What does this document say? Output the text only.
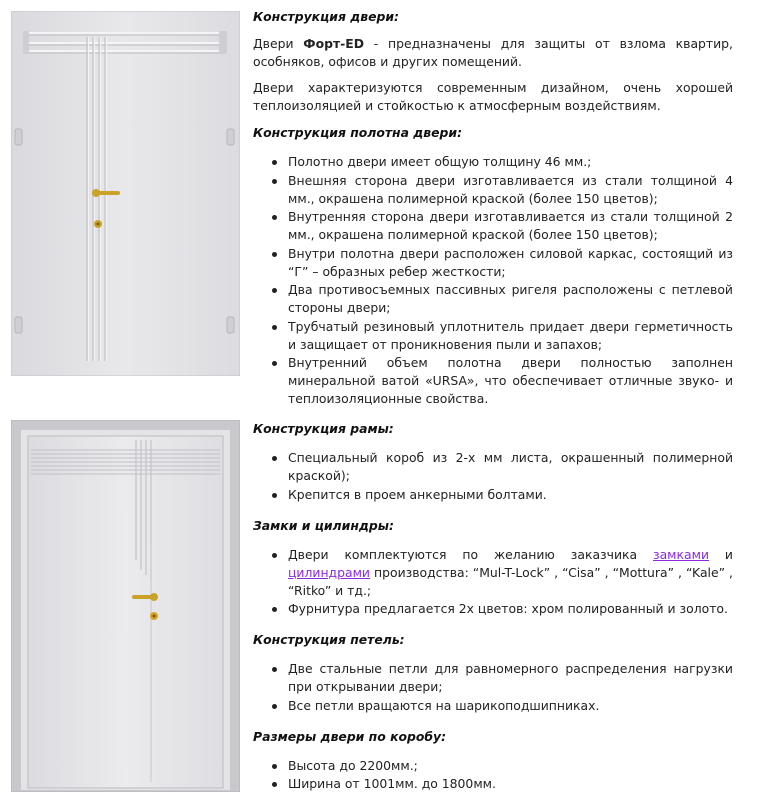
Конструкция двери:

Двери Форт-ED - предназначены для защиты от взлома квартир, особняков, офисов и других помещений.

Двери характеризуются современным дизайном, очень хорошей теплоизоляцией и стойкостью к атмосферным воздействиям.

Конструкция полотна двери:
Полотно двери имеет общую толщину 46 мм.;
Внешняя сторона двери изготавливается из стали толщиной 4 мм., окрашена полимерной краской (более 150 цветов);
Внутренняя сторона двери изготавливается из стали толщиной 2 мм., окрашена полимерной краской (более 150 цветов);
Внутри полотна двери расположен силовой каркас, состоящий из “Г” – образных ребер жесткости;
Два противосъемных пассивных ригеля расположены с петлевой стороны двери;
Трубчатый резиновый уплотнитель придает двери герметичность и защищает от проникновения пыли и запахов;
Внутренний объем полотна двери полностью заполнен минеральной ватой «URSA», что обеспечивает отличные звуко- и теплоизоляционные свойства.
Конструкция рамы:
Специальный короб из 2-х мм листа, окрашенный полимерной краской);
Крепится в проем анкерными болтами.
Замки и цилиндры:
Двери комплектуются по желанию заказчика замками и цилиндрами производства: “Mul-T-Lock” , “Cisa” , “Mottura” , “Kale” , “Ritko” и тд.;
Фурнитура предлагается 2х цветов: хром полированный и золото.
Конструкция петель:
Две стальные петли для равномерного распределения нагрузки при открывании двери;
Все петли вращаются на шарикоподшипниках.
Размеры двери по коробу:
Высота до 2200мм.;
Ширина от 1001мм. до 1800мм.
